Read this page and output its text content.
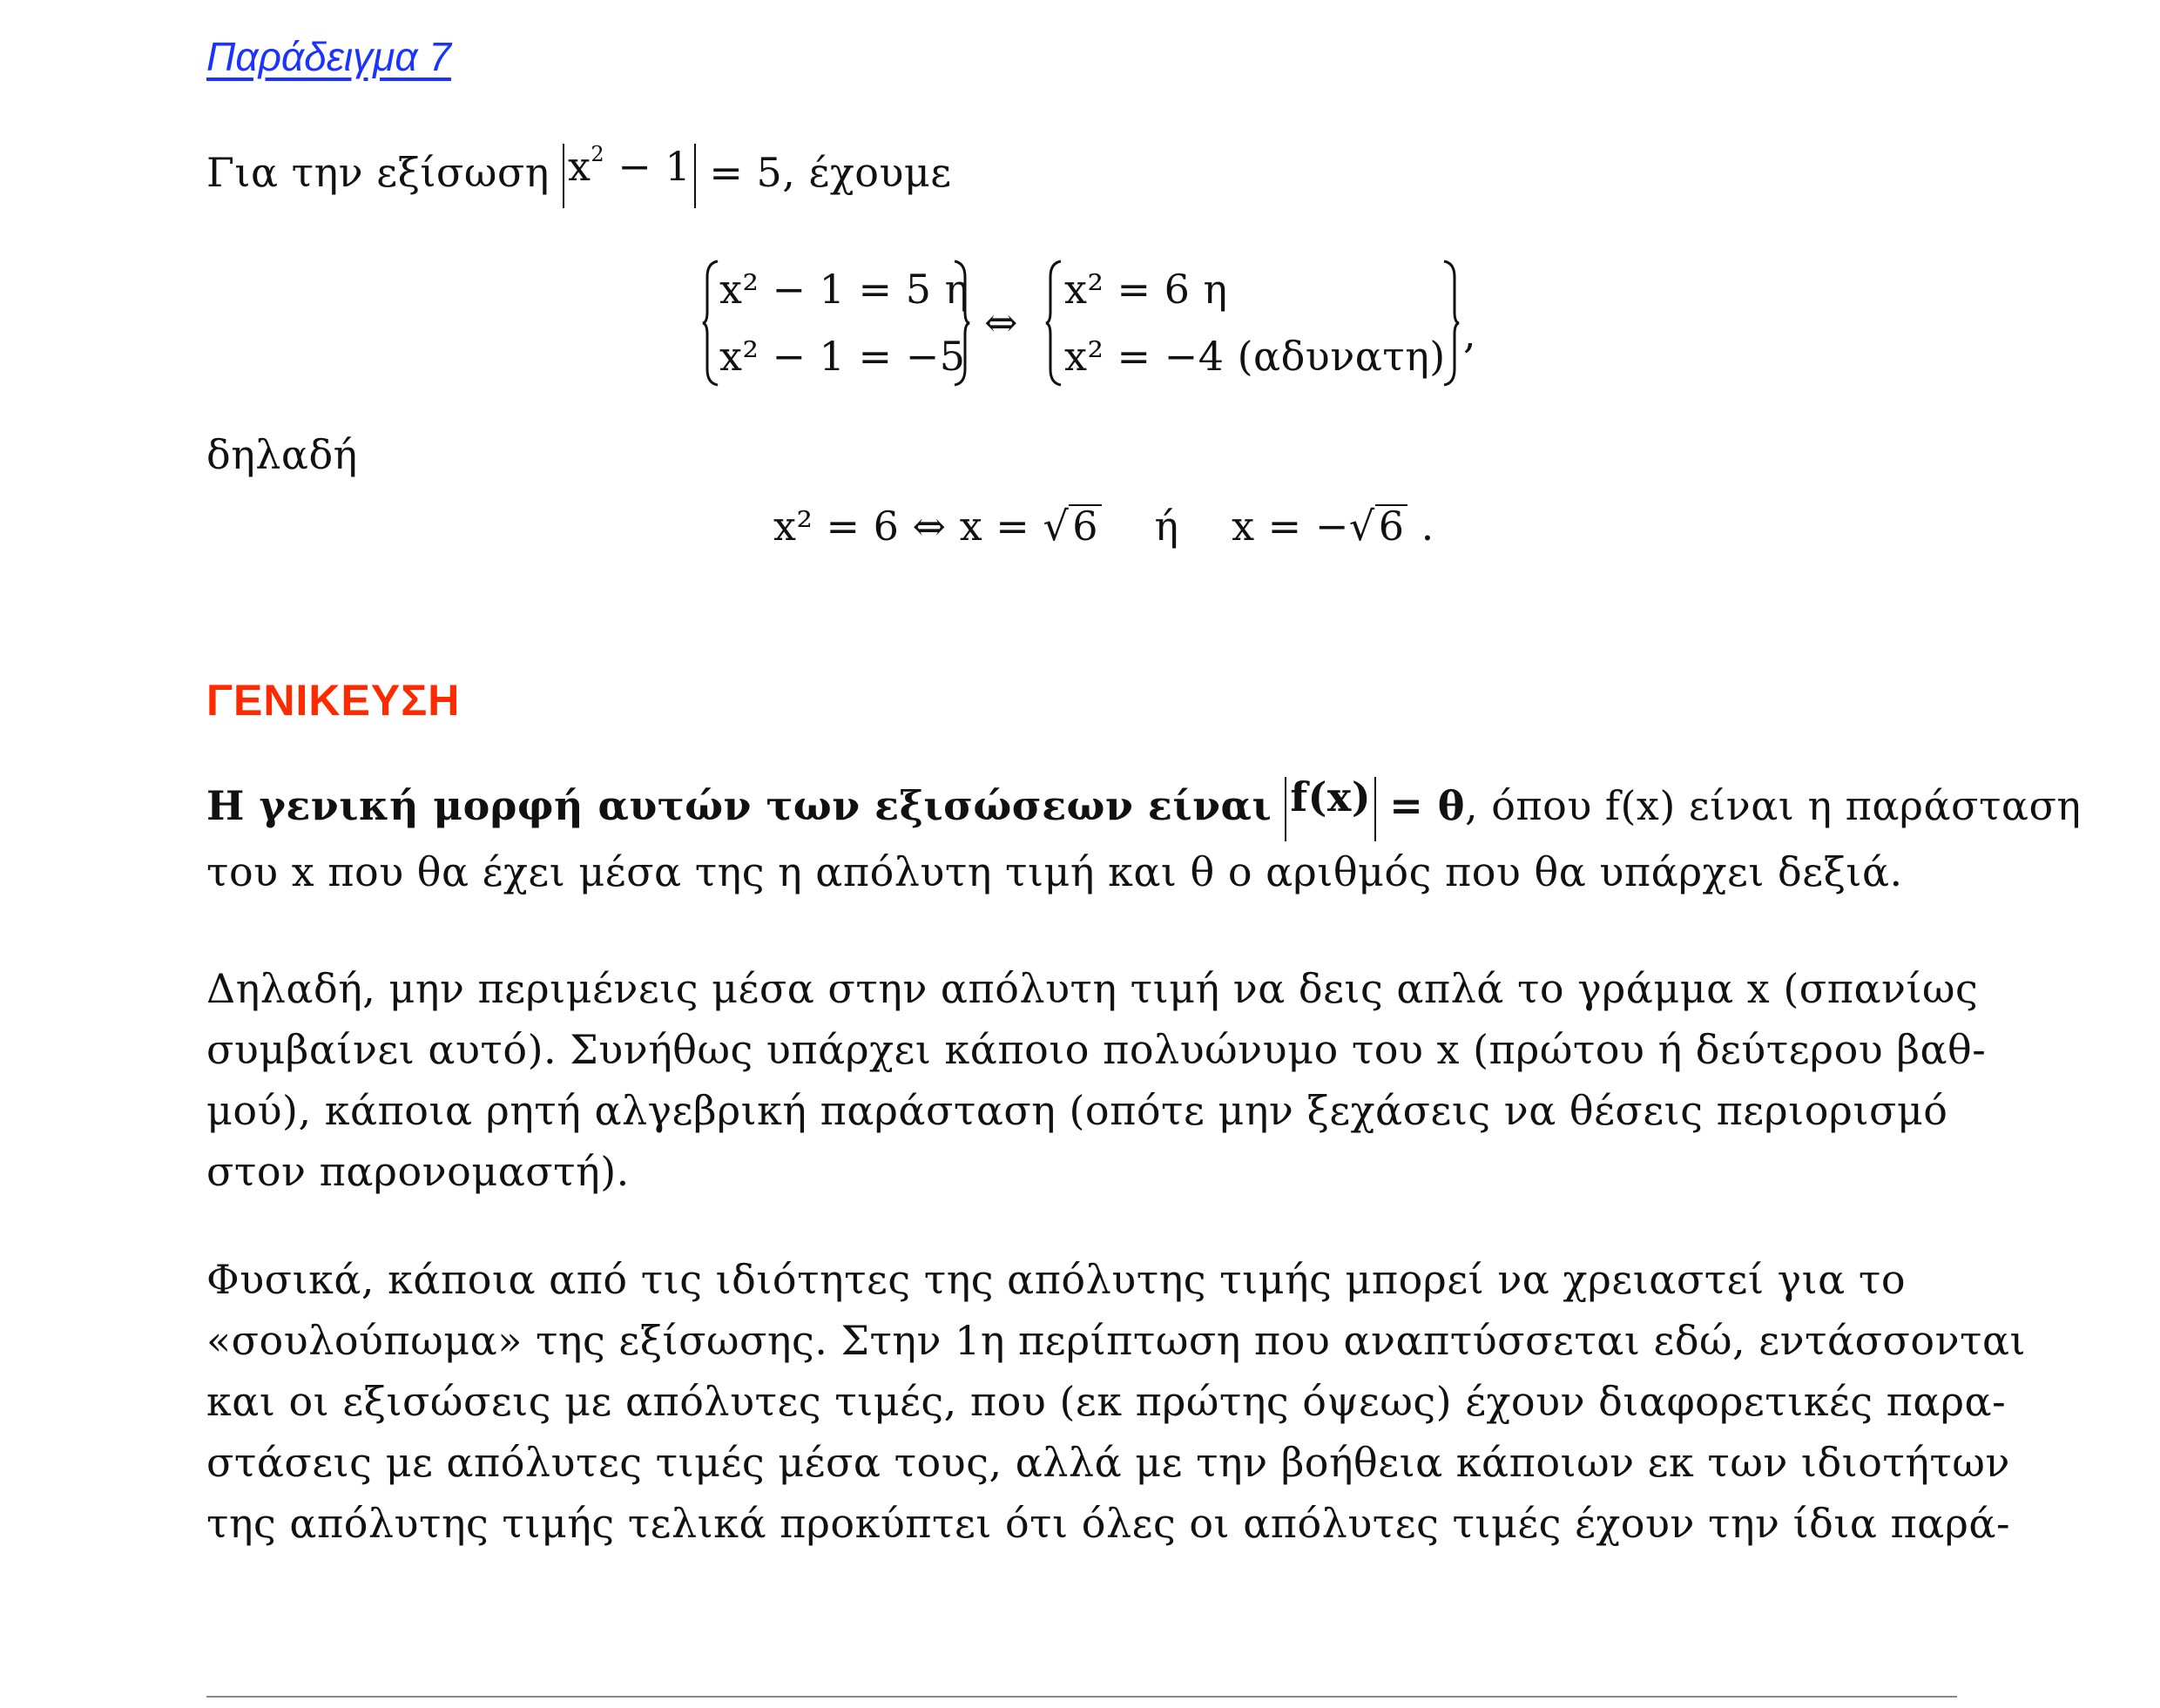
Παράδειγμα 7
Για την εξίσωση $x^2 - 1 = 5$, έχουμε
x² − 1 = 5 η
x² − 1 = −5
⇔
x² = 6 η
x² = −4 (αδυνατη) ,
δηλαδή
x² = 6 ⇔ x = √6 ή x = −√6 .
ΓΕΝΙΚΕΥΣΗ
Η γενική μορφή αυτών των εξισώσεων είναι f(x) = θ, όπου f(x) είναι η παράσταση
του x που θα έχει μέσα της η απόλυτη τιμή και θ ο αριθμός που θα υπάρχει δεξιά.
Δηλαδή, μην περιμένεις μέσα στην απόλυτη τιμή να δεις απλά το γράμμα x (σπανίως
συμβαίνει αυτό). Συνήθως υπάρχει κάποιο πολυώνυμο του x (πρώτου ή δεύτερου βαθ-
μού), κάποια ρητή αλγεβρική παράσταση (οπότε μην ξεχάσεις να θέσεις περιορισμό
στον παρονομαστή).
Φυσικά, κάποια από τις ιδιότητες της απόλυτης τιμής μπορεί να χρειαστεί για το
«σουλούπωμα» της εξίσωσης. Στην 1η περίπτωση που αναπτύσσεται εδώ, εντάσσονται
και οι εξισώσεις με απόλυτες τιμές, που (εκ πρώτης όψεως) έχουν διαφορετικές παρα-
στάσεις με απόλυτες τιμές μέσα τους, αλλά με την βοήθεια κάποιων εκ των ιδιοτήτων
της απόλυτης τιμής τελικά προκύπτει ότι όλες οι απόλυτες τιμές έχουν την ίδια παρά-
